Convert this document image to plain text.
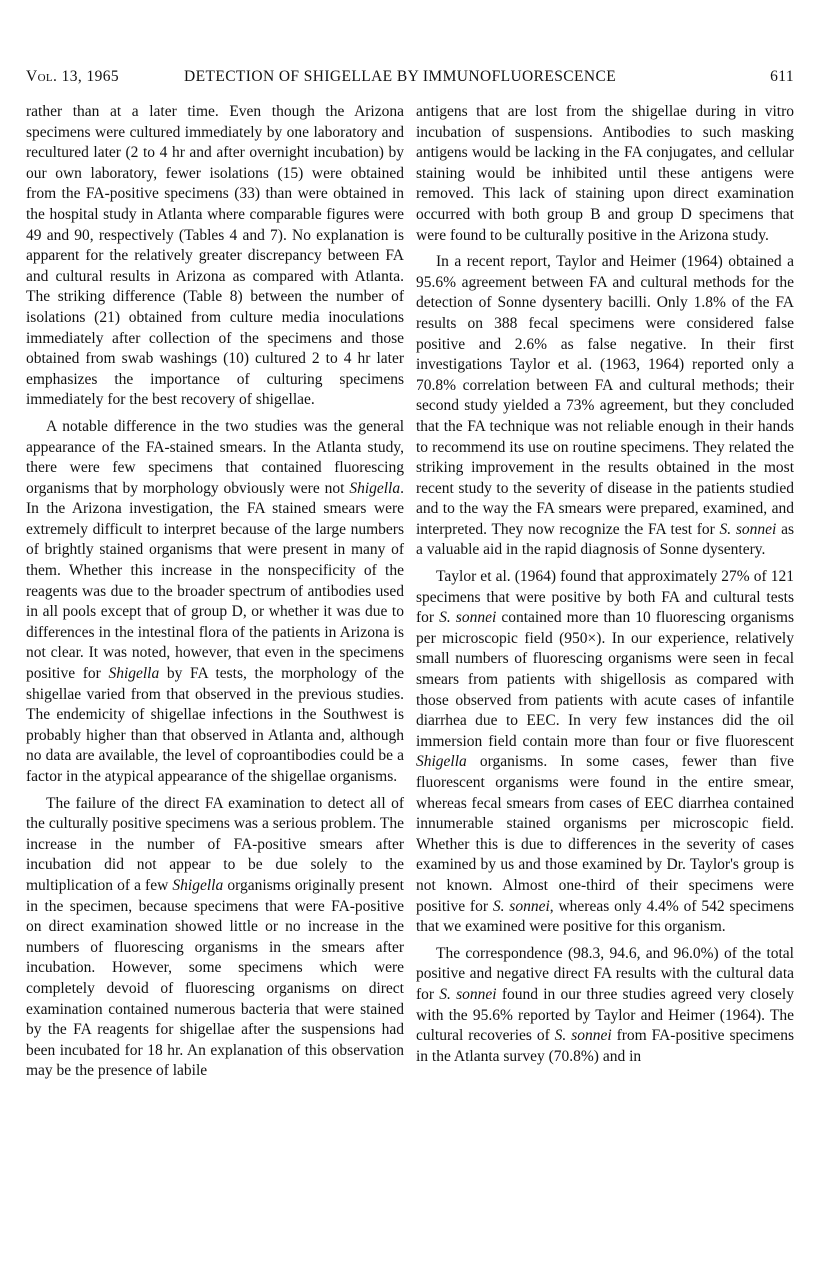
Vol. 13, 1965	DETECTION OF SHIGELLAE BY IMMUNOFLUORESCENCE	611

rather than at a later time. Even though the Arizona specimens were cultured immediately by one laboratory and recultured later (2 to 4 hr and after overnight incubation) by our own laboratory, fewer isolations (15) were obtained from the FA-positive specimens (33) than were obtained in the hospital study in Atlanta where comparable figures were 49 and 90, respectively (Tables 4 and 7). No explanation is apparent for the relatively greater discrepancy between FA and cultural results in Arizona as compared with Atlanta. The striking difference (Table 8) between the number of isolations (21) obtained from culture media inoculations immediately after collection of the specimens and those obtained from swab washings (10) cultured 2 to 4 hr later emphasizes the importance of culturing specimens immediately for the best recovery of shigellae.

A notable difference in the two studies was the general appearance of the FA-stained smears. In the Atlanta study, there were few specimens that contained fluorescing organisms that by morphology obviously were not Shigella. In the Arizona investigation, the FA stained smears were extremely difficult to interpret because of the large numbers of brightly stained organisms that were present in many of them. Whether this increase in the nonspecificity of the reagents was due to the broader spectrum of antibodies used in all pools except that of group D, or whether it was due to differences in the intestinal flora of the patients in Arizona is not clear. It was noted, however, that even in the specimens positive for Shigella by FA tests, the morphology of the shigellae varied from that observed in the previous studies. The endemicity of shigellae infections in the Southwest is probably higher than that observed in Atlanta and, although no data are available, the level of coproantibodies could be a factor in the atypical appearance of the shigellae organisms.

The failure of the direct FA examination to detect all of the culturally positive specimens was a serious problem. The increase in the number of FA-positive smears after incubation did not appear to be due solely to the multiplication of a few Shigella organisms originally present in the specimen, because specimens that were FA-positive on direct examination showed little or no increase in the numbers of fluorescing organisms in the smears after incubation. However, some specimens which were completely devoid of fluorescing organisms on direct examination contained numerous bacteria that were stained by the FA reagents for shigellae after the suspensions had been incubated for 18 hr. An explanation of this observation may be the presence of labile

antigens that are lost from the shigellae during in vitro incubation of suspensions. Antibodies to such masking antigens would be lacking in the FA conjugates, and cellular staining would be inhibited until these antigens were removed. This lack of staining upon direct examination occurred with both group B and group D specimens that were found to be culturally positive in the Arizona study.

In a recent report, Taylor and Heimer (1964) obtained a 95.6% agreement between FA and cultural methods for the detection of Sonne dysentery bacilli. Only 1.8% of the FA results on 388 fecal specimens were considered false positive and 2.6% as false negative. In their first investigations Taylor et al. (1963, 1964) reported only a 70.8% correlation between FA and cultural methods; their second study yielded a 73% agreement, but they concluded that the FA technique was not reliable enough in their hands to recommend its use on routine specimens. They related the striking improvement in the results obtained in the most recent study to the severity of disease in the patients studied and to the way the FA smears were prepared, examined, and interpreted. They now recognize the FA test for S. sonnei as a valuable aid in the rapid diagnosis of Sonne dysentery.

Taylor et al. (1964) found that approximately 27% of 121 specimens that were positive by both FA and cultural tests for S. sonnei contained more than 10 fluorescing organisms per microscopic field (950×). In our experience, relatively small numbers of fluorescing organisms were seen in fecal smears from patients with shigellosis as compared with those observed from patients with acute cases of infantile diarrhea due to EEC. In very few instances did the oil immersion field contain more than four or five fluorescent Shigella organisms. In some cases, fewer than five fluorescent organisms were found in the entire smear, whereas fecal smears from cases of EEC diarrhea contained innumerable stained organisms per microscopic field. Whether this is due to differences in the severity of cases examined by us and those examined by Dr. Taylor's group is not known. Almost one-third of their specimens were positive for S. sonnei, whereas only 4.4% of 542 specimens that we examined were positive for this organism.

The correspondence (98.3, 94.6, and 96.0%) of the total positive and negative direct FA results with the cultural data for S. sonnei found in our three studies agreed very closely with the 95.6% reported by Taylor and Heimer (1964). The cultural recoveries of S. sonnei from FA-positive specimens in the Atlanta survey (70.8%) and in
